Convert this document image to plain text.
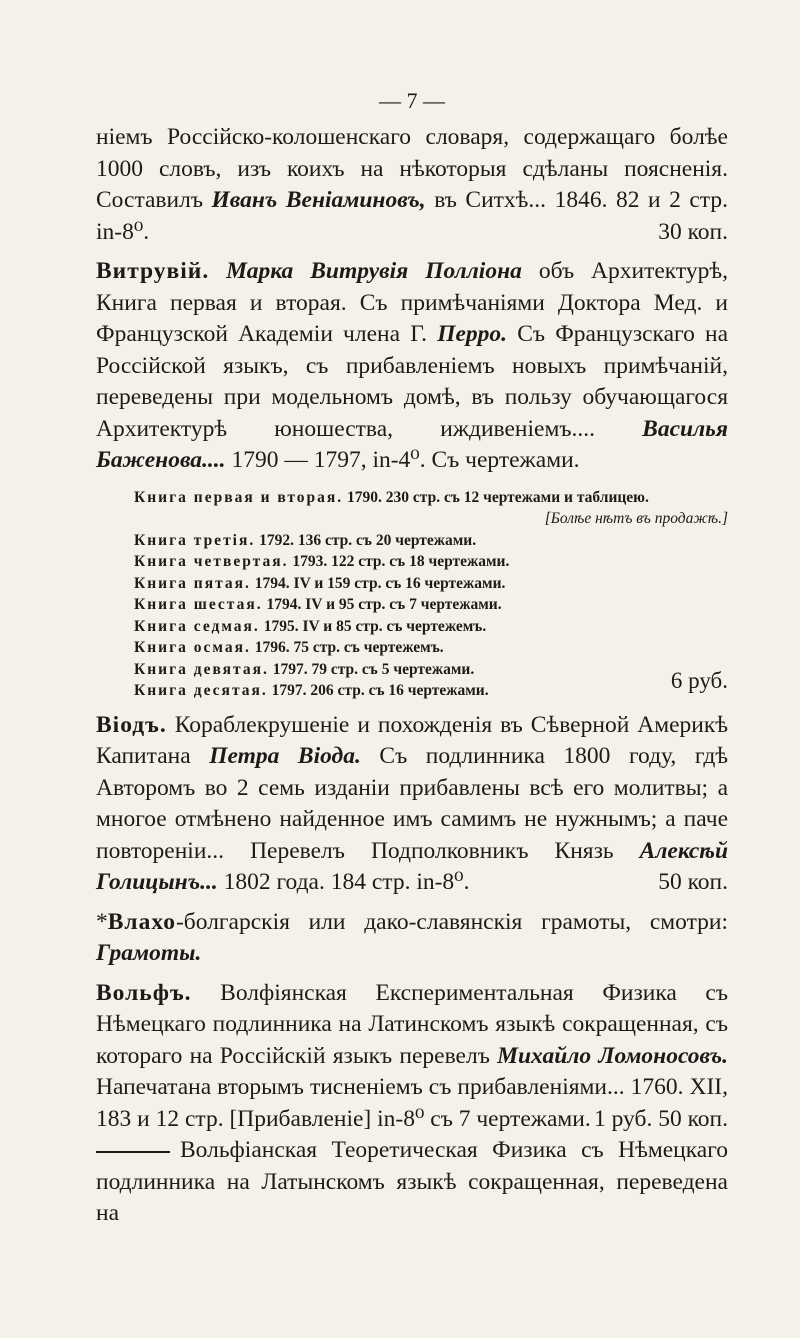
— 7 —

ніемъ Россійско-колошенскаго словаря, содержащаго болѣе 1000 словъ, изъ коихъ на нѣкоторыя сдѣланы поясненія. Составилъ Иванъ Веніаминовъ, въ Ситхѣ... 1846. 82 и 2 стр. in-8⁰.	30 коп.

Витрувій. Марка Витрувія Полліона объ Архитектурѣ, Книга первая и вторая. Съ примѣчаніями Доктора Мед. и Французской Академіи члена Г. Перро. Съ Французскаго на Россійской языкъ, съ прибавленіемъ новыхъ примѣчаній, переведены при модельномъ домѣ, въ пользу обучающагося Архитектурѣ юношества, иждивеніемъ.... Василья Баженова.... 1790 — 1797, in-4⁰. Съ чертежами.

Книга первая и вторая. 1790. 230 стр. съ 12 чертежами и таблицею.
[Болѣе нѣтъ въ продажѣ.]
Книга третія. 1792. 136 стр. съ 20 чертежами.
Книга четвертая. 1793. 122 стр. съ 18 чертежами.
Книга пятая. 1794. IV и 159 стр. съ 16 чертежами.
Книга шестая. 1794. IV и 95 стр. съ 7 чертежами.
Книга седмая. 1795. IV и 85 стр. съ чертежемъ.
Книга осмая. 1796. 75 стр. съ чертежемъ.
Книга девятая. 1797. 79 стр. съ 5 чертежами.
Книга десятая. 1797. 206 стр. съ 16 чертежами.	6 руб.

Віодъ. Кораблекрушеніе и похожденія въ Сѣверной Америкѣ Капитана Петра Віода. Съ подлинника 1800 году, гдѣ Авторомъ во 2 семь изданіи прибавлены всѣ его молитвы; а многое отмѣнено найденное имъ самимъ не нужнымъ; а паче повтореніи... Перевелъ Подполковникъ Князь Алексѣй Голицынъ... 1802 года. 184 стр. in-8⁰.	50 коп.

*Влахо-болгарскія или дако-славянскія грамоты, смотри: Грамоты.

Вольфъ. Волфіянская Експериментальная Физика съ Нѣмецкаго подлинника на Латинскомъ языкѣ сокращенная, съ котораго на Россійскій языкъ перевелъ Михайло Ломоносовъ. Напечатана вторымъ тисненіемъ съ прибавленіями... 1760. XII, 183 и 12 стр. [Прибавленіе] in-8⁰ съ 7 чертежами. 1 руб. 50 коп.

Вольфіанская Теоретическая Физика съ Нѣмецкаго подлинника на Латынскомъ языкѣ сокращенная, переведена на
